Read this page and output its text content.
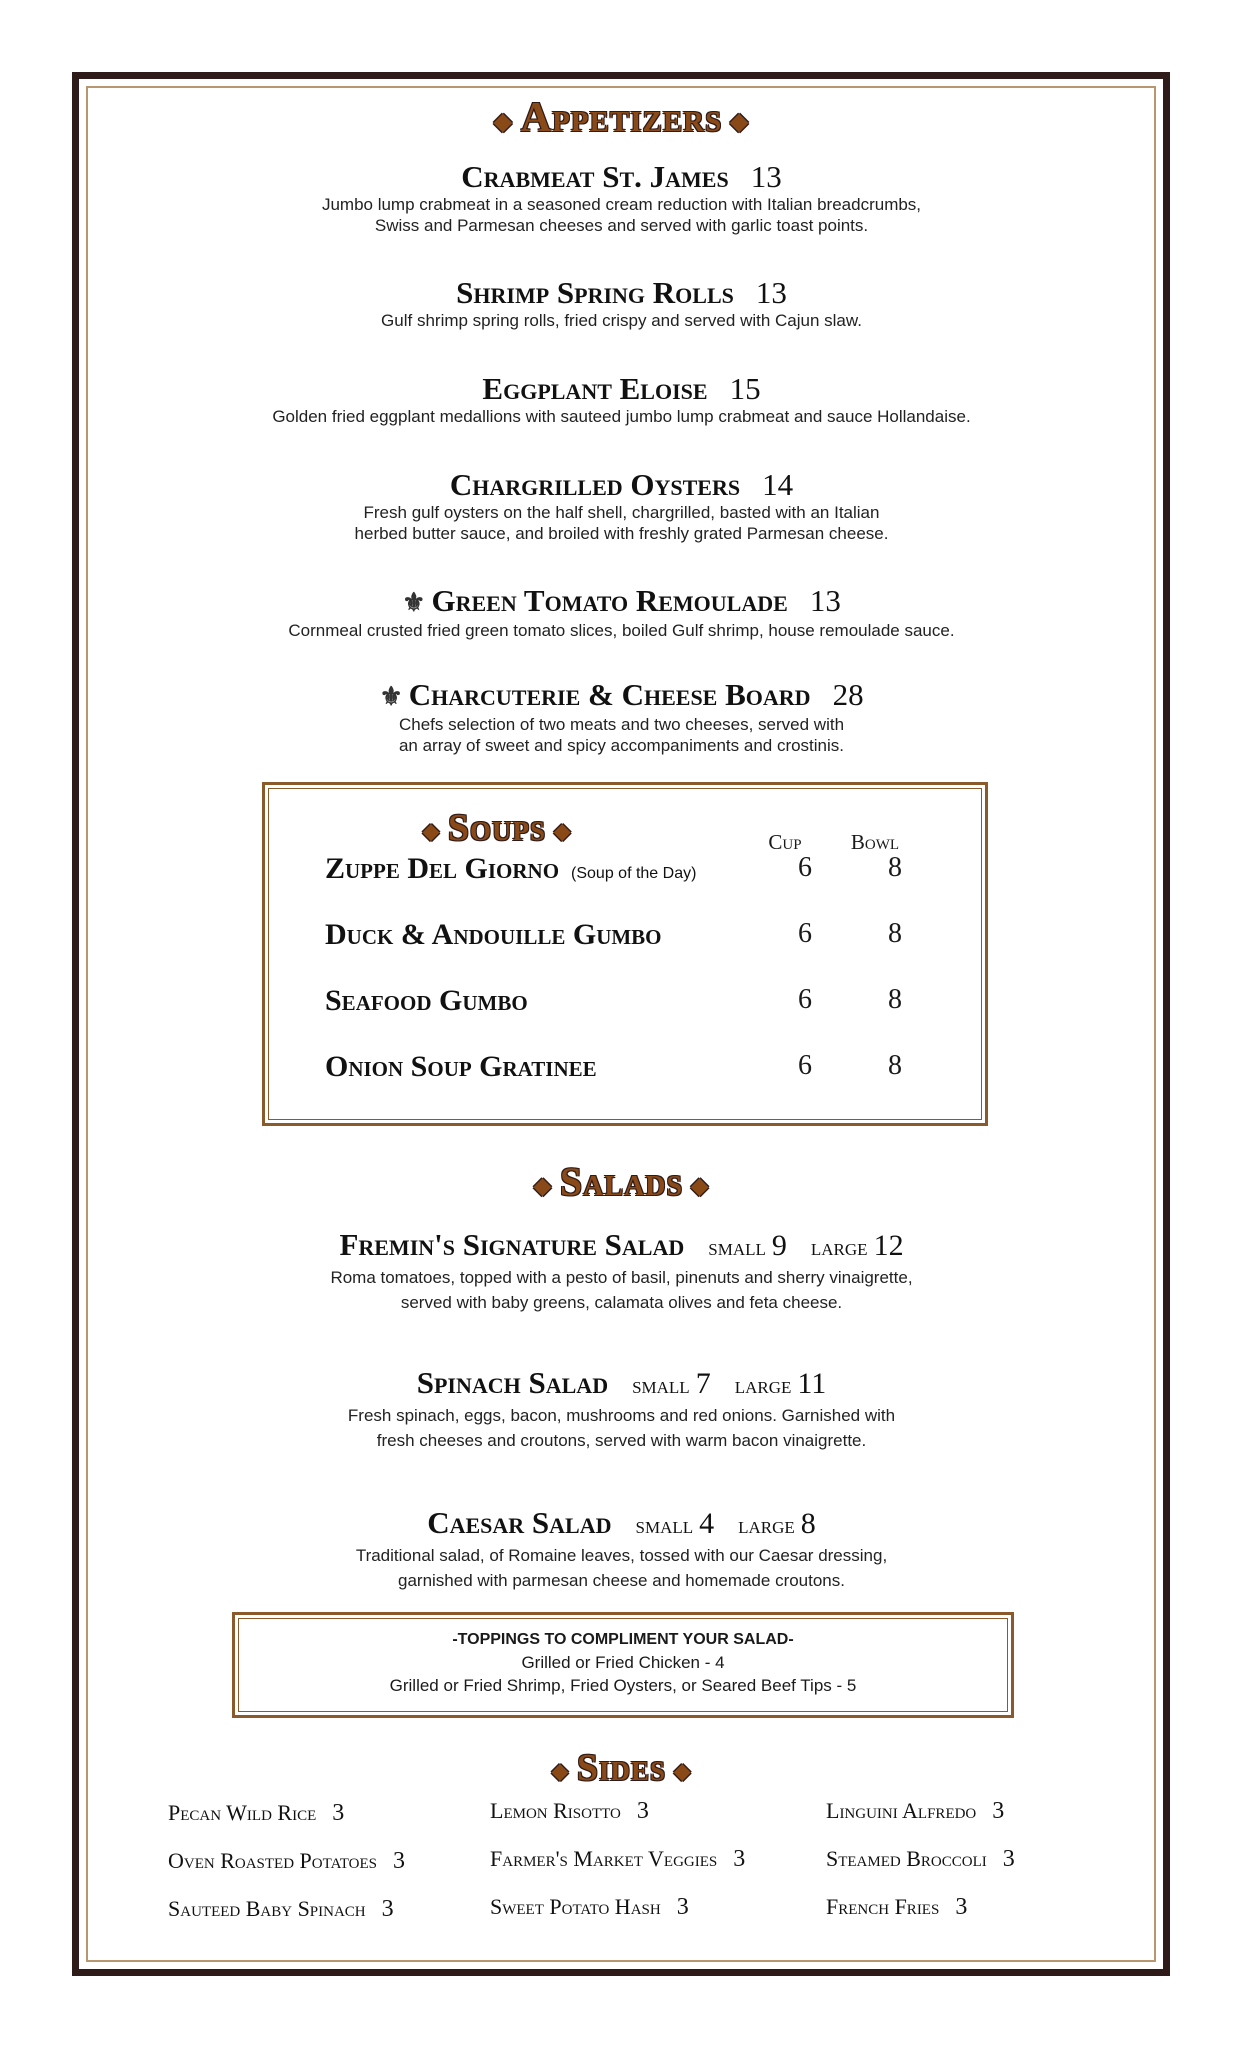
◆ Appetizers ◆
Crabmeat St. James 13
Jumbo lump crabmeat in a seasoned cream reduction with Italian breadcrumbs,
Swiss and Parmesan cheeses and served with garlic toast points.
Shrimp Spring Rolls 13
Gulf shrimp spring rolls, fried crispy and served with Cajun slaw.
Eggplant Eloise 15
Golden fried eggplant medallions with sauteed jumbo lump crabmeat and sauce Hollandaise.
Chargrilled Oysters 14
Fresh gulf oysters on the half shell, chargrilled, basted with an Italian
herbed butter sauce, and broiled with freshly grated Parmesan cheese.
⚜ Green Tomato Remoulade 13
Cornmeal crusted fried green tomato slices, boiled Gulf shrimp, house remoulade sauce.
⚜ Charcuterie & Cheese Board 28
Chefs selection of two meats and two cheeses, served with
an array of sweet and spicy accompaniments and crostinis.
◆ Soups ◆	Cup	Bowl
Zuppe Del Giorno (Soup of the Day)	6	8
Duck & Andouille Gumbo	6	8
Seafood Gumbo	6	8
Onion Soup Gratinee	6	8
◆ Salads ◆
Fremin's Signature Salad small 9 large 12
Roma tomatoes, topped with a pesto of basil, pinenuts and sherry vinaigrette,
served with baby greens, calamata olives and feta cheese.
Spinach Salad small 7 large 11
Fresh spinach, eggs, bacon, mushrooms and red onions. Garnished with
fresh cheeses and croutons, served with warm bacon vinaigrette.
Caesar Salad small 4 large 8
Traditional salad, of Romaine leaves, tossed with our Caesar dressing,
garnished with parmesan cheese and homemade croutons.
-TOPPINGS TO COMPLIMENT YOUR SALAD-
Grilled or Fried Chicken - 4
Grilled or Fried Shrimp, Fried Oysters, or Seared Beef Tips - 5
◆ Sides ◆
Pecan Wild Rice 3	Lemon Risotto 3	Linguini Alfredo 3
Oven Roasted Potatoes 3	Farmer's Market Veggies 3	Steamed Broccoli 3
Sauteed Baby Spinach 3	Sweet Potato Hash 3	French Fries 3
